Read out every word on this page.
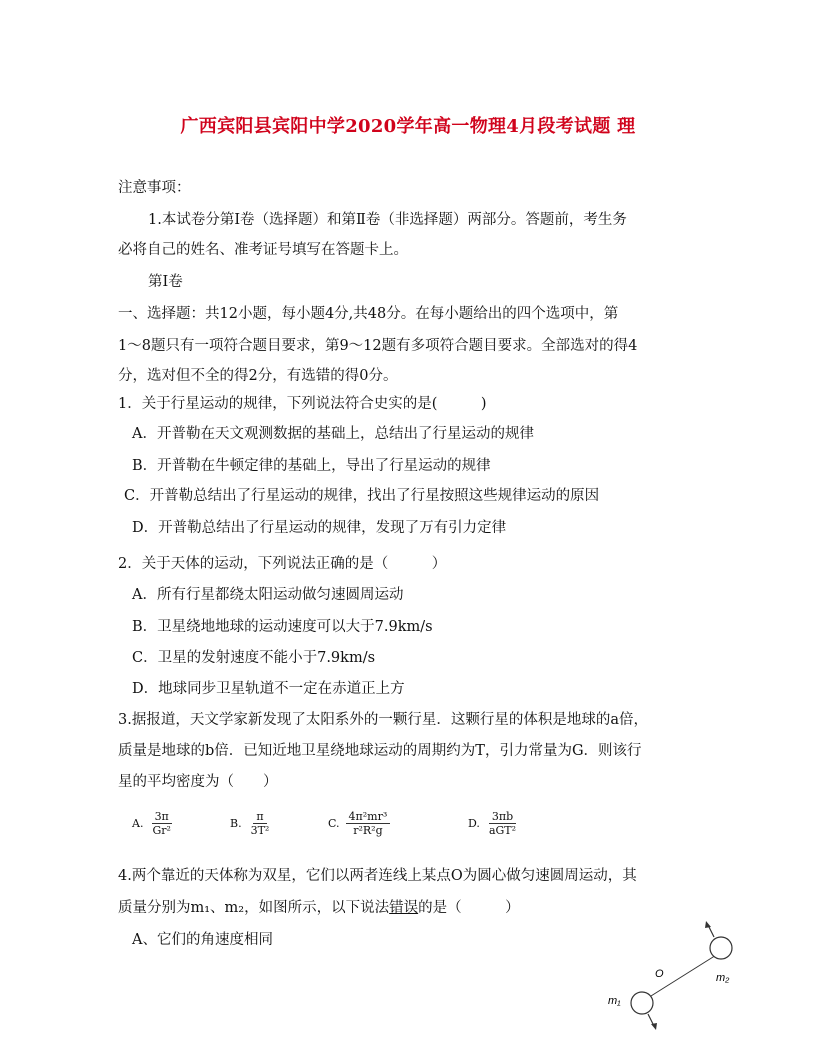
广西宾阳县宾阳中学2020学年高一物理4月段考试题 理
注意事项：
1.本试卷分第Ⅰ卷（选择题）和第Ⅱ卷（非选择题）两部分。答题前，考生务
必将自己的姓名、准考证号填写在答题卡上。
第Ⅰ卷
一、选择题：共12小题，每小题4分,共48分。在每小题给出的四个选项中，第
1～8题只有一项符合题目要求，第9～12题有多项符合题目要求。全部选对的得4
分，选对但不全的得2分，有选错的得0分。
1．关于行星运动的规律，下列说法符合史实的是(　　　)
A．开普勒在天文观测数据的基础上，总结出了行星运动的规律
B．开普勒在牛顿定律的基础上，导出了行星运动的规律
C．开普勒总结出了行星运动的规律，找出了行星按照这些规律运动的原因
D．开普勒总结出了行星运动的规律，发现了万有引力定律
2．关于天体的运动，下列说法正确的是（　　　）
A．所有行星都绕太阳运动做匀速圆周运动
B．卫星绕地地球的运动速度可以大于7.9km/s
C．卫星的发射速度不能小于7.9km/s
D．地球同步卫星轨道不一定在赤道正上方
3.据报道，天文学家新发现了太阳系外的一颗行星．这颗行星的体积是地球的a倍，
质量是地球的b倍．已知近地卫星绕地球运动的周期约为T，引力常量为G．则该行
星的平均密度为（　　）
A. $\frac{3\pi}{\text{Gr²}}$	B. $\frac{\pi}{\text{3T²}}$	C. $\frac{\text{4π²mr³}}{\text{r²R²g}}$	D. $\frac{3\pi b}{\text{aGT²}}$
4.两个靠近的天体称为双星，它们以两者连线上某点O为圆心做匀速圆周运动，其
质量分别为m₁、m₂，如图所示，以下说法错误的是（　　　）
A、它们的角速度相同
O	m₂
m₁
